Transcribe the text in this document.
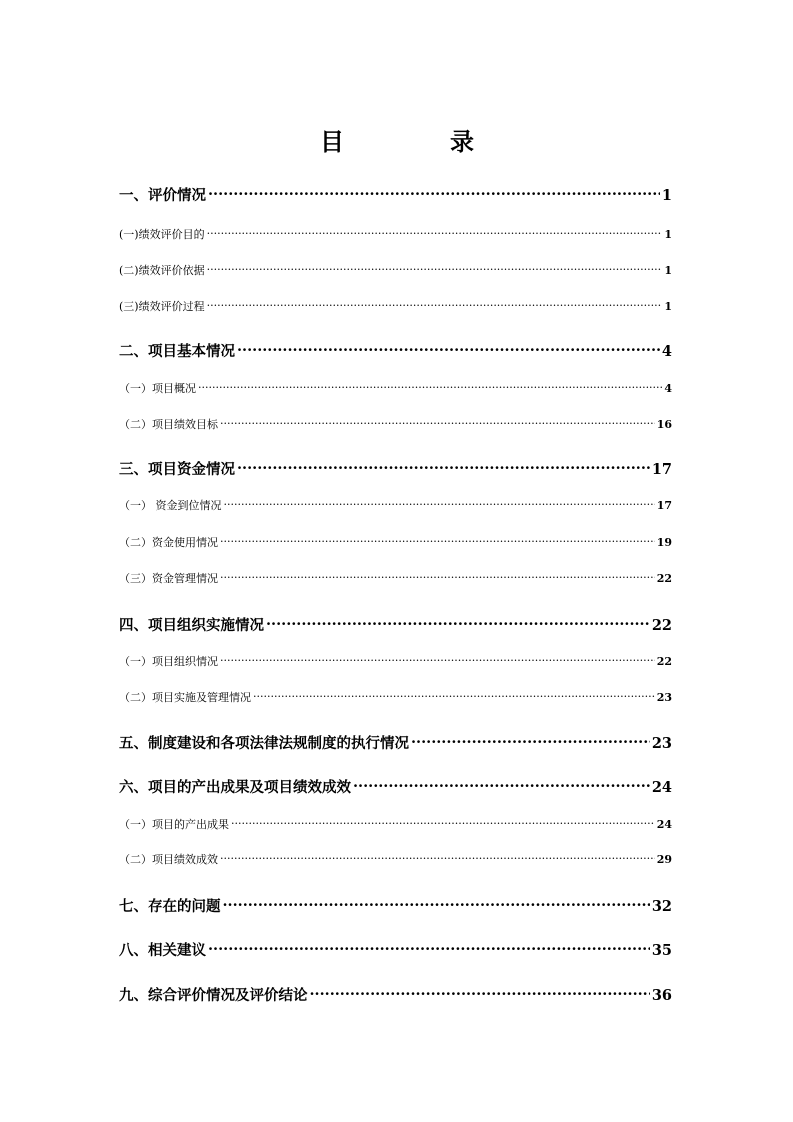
目	录
一、评价情况 .....	1
(一)绩效评价目的 .....	1
(二)绩效评价依据 .....	1
(三)绩效评价过程 .....	1
二、项目基本情况 .....	4
（一）项目概况 .....	4
（二）项目绩效目标 .....	16
三、项目资金情况 .....	17
（一） 资金到位情况 .....	17
（二）资金使用情况 .....	19
（三）资金管理情况 .....	22
四、项目组织实施情况 .....	22
（一）项目组织情况 .....	22
（二）项目实施及管理情况 .....	23
五、制度建设和各项法律法规制度的执行情况 .....	23
六、项目的产出成果及项目绩效成效 .....	24
（一）项目的产出成果 .....	24
（二）项目绩效成效 .....	29
七、存在的问题 .....	32
八、相关建议 .....	35
九、综合评价情况及评价结论 .....	36
